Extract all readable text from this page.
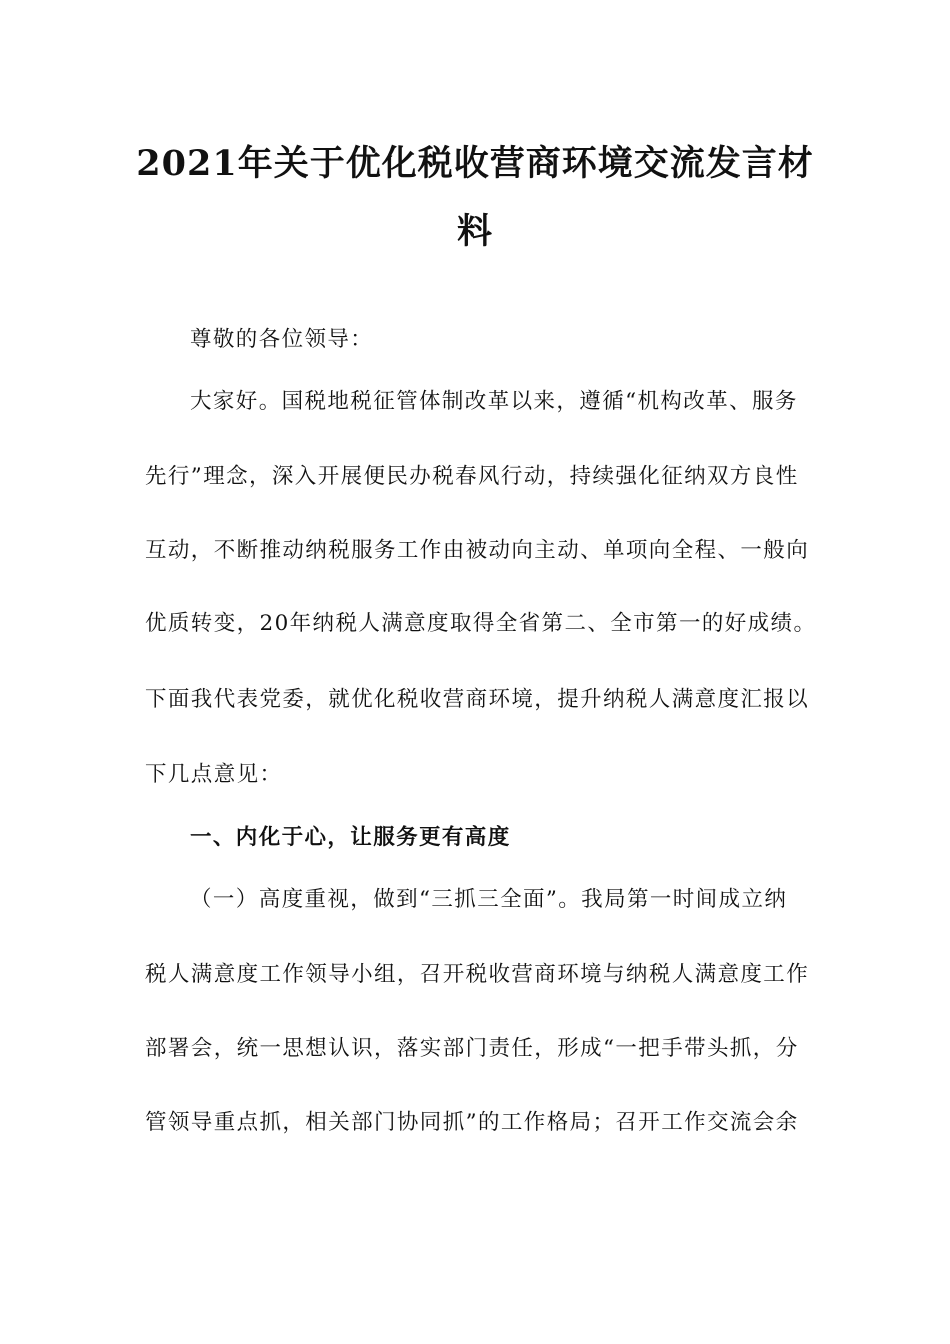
2021年关于优化税收营商环境交流发言材
料
尊敬的各位领导：
大家好。国税地税征管体制改革以来，遵循“机构改革、服务
先行”理念，深入开展便民办税春风行动，持续强化征纳双方良性
互动，不断推动纳税服务工作由被动向主动、单项向全程、一般向
优质转变，20年纳税人满意度取得全省第二、全市第一的好成绩。
下面我代表党委，就优化税收营商环境，提升纳税人满意度汇报以
下几点意见：
一、内化于心，让服务更有高度
（一）高度重视，做到“三抓三全面”。我局第一时间成立纳
税人满意度工作领导小组，召开税收营商环境与纳税人满意度工作
部署会，统一思想认识，落实部门责任，形成“一把手带头抓，分
管领导重点抓，相关部门协同抓”的工作格局；召开工作交流会余
